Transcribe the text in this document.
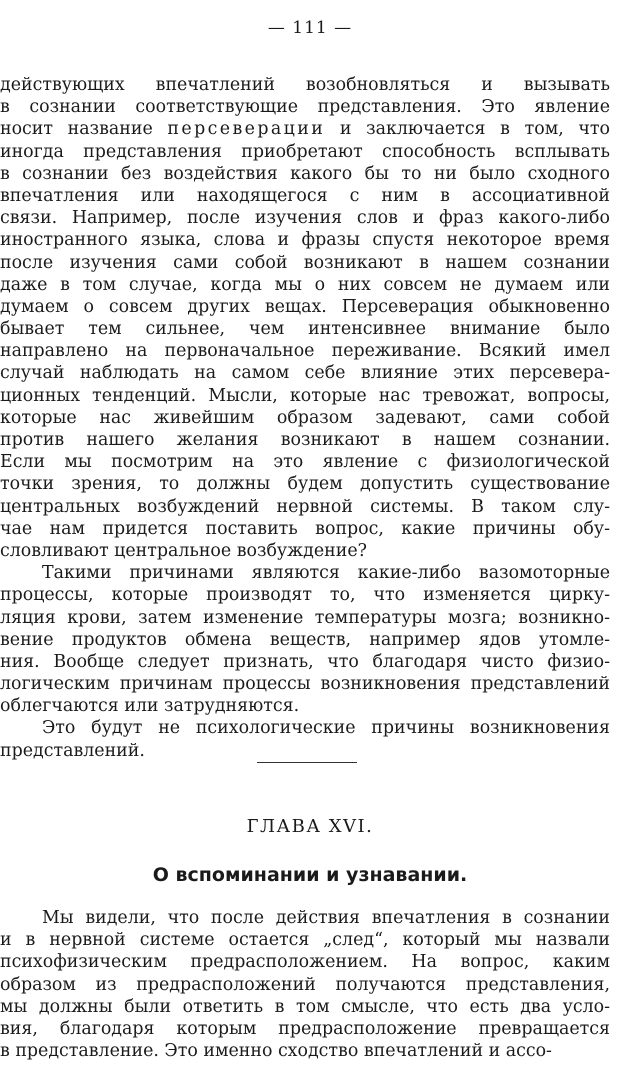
— 111 —
действующих впечатлений возобновляться и вызывать
в сознании соответствующие представления. Это явление
носит название персеверации и заключается в том, что
иногда представления приобретают способность всплывать
в сознании без воздействия какого бы то ни было сходного
впечатления или находящегося с ним в ассоциативной
связи. Например, после изучения слов и фраз какого-либо
иностранного языка, слова и фразы спустя некоторое время
после изучения сами собой возникают в нашем сознании
даже в том случае, когда мы о них совсем не думаем или
думаем о совсем других вещах. Персеверация обыкновенно
бывает тем сильнее, чем интенсивнее внимание было
направлено на первоначальное переживание. Всякий имел
случай наблюдать на самом себе влияние этих персеверa-
ционных тенденций. Мысли, которые нас тревожат, вопросы,
которые нас живейшим образом задевают, сами собой
против нашего желания возникают в нашем сознании.
Если мы посмотрим на это явление с физиологической
точки зрения, то должны будем допустить существование
центральных возбуждений нервной системы. В таком слу-
чае нам придется поставить вопрос, какие причины обу-
словливают центральное возбуждение?
Такими причинами являются какие-либо вазомоторные
процессы, которые производят то, что изменяется цирку-
ляция крови, затем изменение температуры мозга; возникно-
вение продуктов обмена веществ, например ядов утомле-
ния. Вообще следует признать, что благодаря чисто физио-
логическим причинам процессы возникновения представлений
облегчаются или затрудняются.
Это будут не психологические причины возникновения
представлений.
ГЛАВА XVI.
О вспоминании и узнавании.
Мы видели, что после действия впечатления в сознании
и в нервной системе остается „след“, который мы назвали
психофизическим предрасположением. На вопрос, каким
образом из предрасположений получаются представления,
мы должны были ответить в том смысле, что есть два усло-
вия, благодаря которым предрасположение превращается
в представление. Это именно сходство впечатлений и ассо-
